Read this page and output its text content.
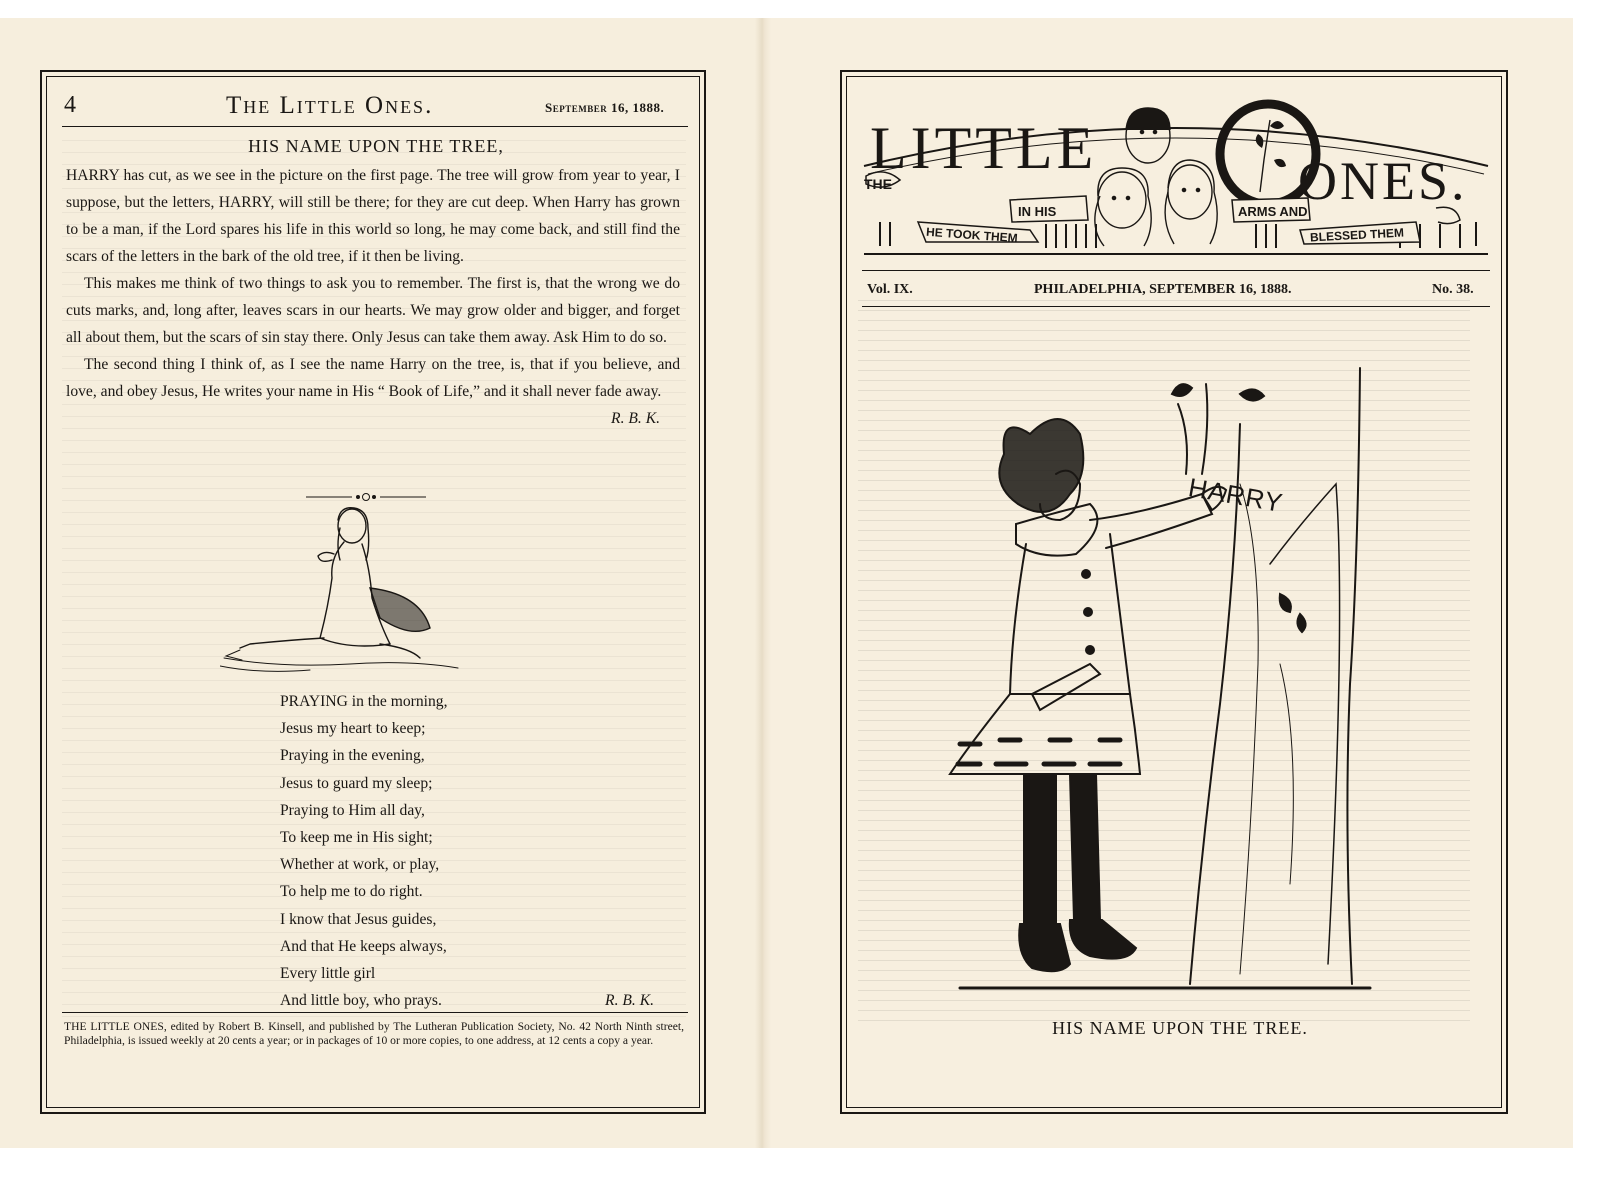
4	The Little Ones.	September 16, 1888.
HIS NAME UPON THE TREE,

HARRY has cut, as we see in the picture on the first page. The tree will grow from year to year, I suppose, but the letters, HARRY, will still be there; for they are cut deep. When Harry has grown to be a man, if the Lord spares his life in this world so long, he may come back, and still find the scars of the letters in the bark of the old tree, if it then be living.

This makes me think of two things to ask you to remember. The first is, that the wrong we do cuts marks, and, long after, leaves scars in our hearts. We may grow older and bigger, and forget all about them, but the scars of sin stay there. Only Jesus can take them away. Ask Him to do so.

The second thing I think of, as I see the name Harry on the tree, is, that if you believe, and love, and obey Jesus, He writes your name in His “ Book of Life,” and it shall never fade away.
R. B. K.

PRAYING in the morning,
Jesus my heart to keep;
Praying in the evening,
Jesus to guard my sleep;
Praying to Him all day,
To keep me in His sight;
Whether at work, or play,
To help me to do right.
I know that Jesus guides,
And that He keeps always,
Every little girl
And little boy, who prays.	R. B. K.
THE LITTLE ONES, edited by Robert B. Kinsell, and published by The Lutheran Publication Society, No. 42 North Ninth street, Philadelphia, is issued weekly at 20 cents a year; or in packages of 10 or more copies, to one address, at 12 cents a copy a year.
THE
LITTLE	ONES.
HE TOOK THEM
IN HIS	ARMS AND
BLESSED THEM
Vol. IX.	PHILADELPHIA, SEPTEMBER 16, 1888.	No. 38.
HARRY
HIS NAME UPON THE TREE.
